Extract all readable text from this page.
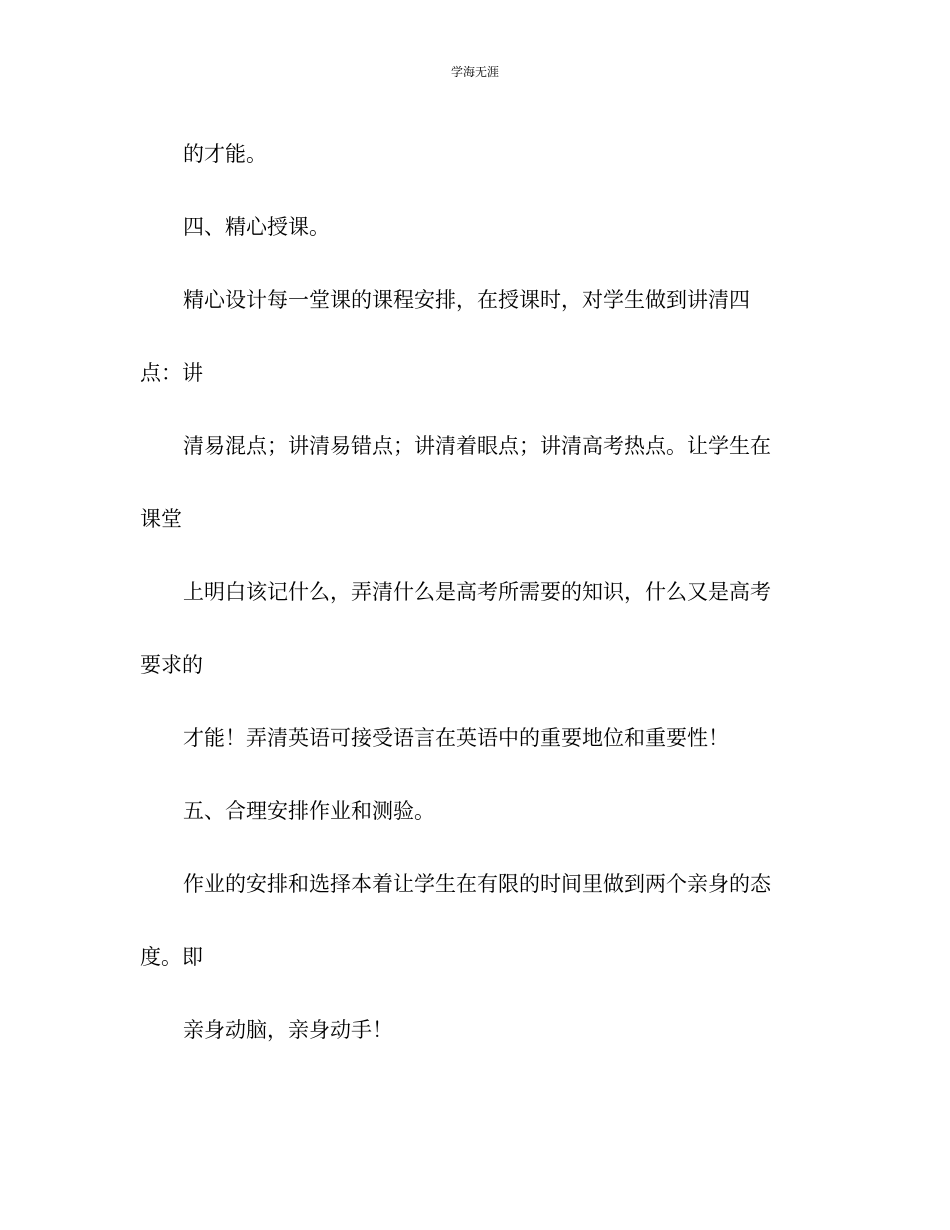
学海无涯
的才能。
四、精心授课。
精心设计每一堂课的课程安排，在授课时，对学生做到讲清四
点：讲
清易混点；讲清易错点；讲清着眼点；讲清高考热点。让学生在
课堂
上明白该记什么，弄清什么是高考所需要的知识，什么又是高考
要求的
才能！弄清英语可接受语言在英语中的重要地位和重要性！
五、合理安排作业和测验。
作业的安排和选择本着让学生在有限的时间里做到两个亲身的态
度。即
亲身动脑，亲身动手！
